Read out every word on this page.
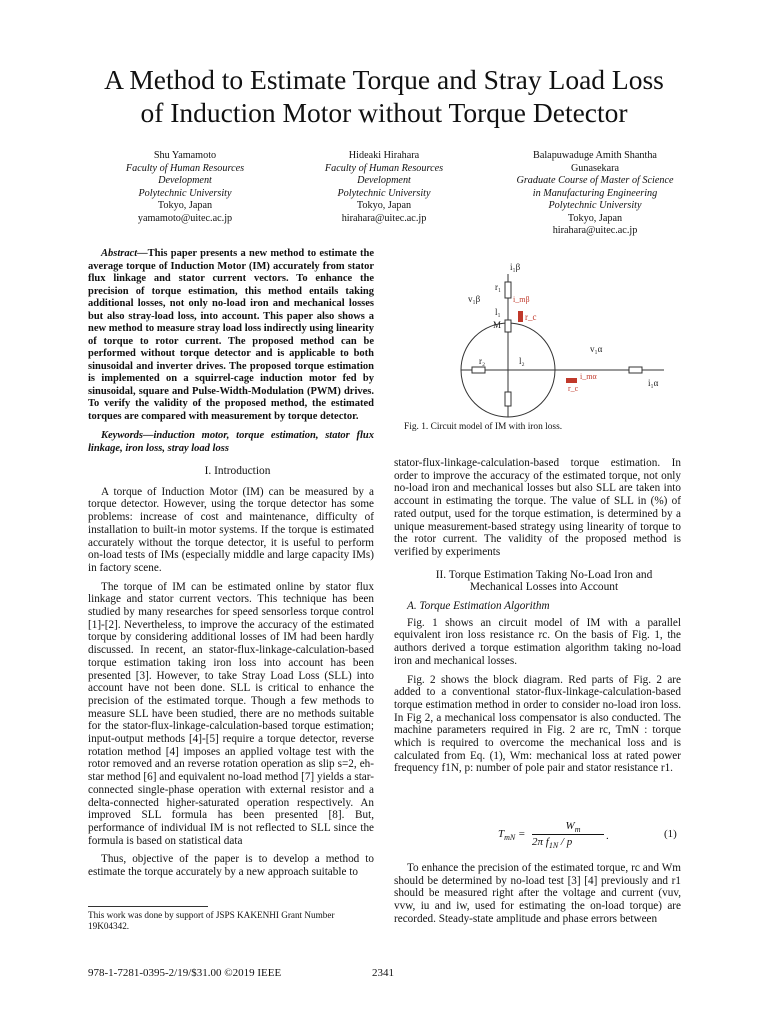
A Method to Estimate Torque and Stray Load Loss
of Induction Motor without Torque Detector
Shu Yamamoto
Faculty of Human Resources
Development
Polytechnic University
Tokyo, Japan
yamamoto@uitec.ac.jp
Hideaki Hirahara
Faculty of Human Resources
Development
Polytechnic University
Tokyo, Japan
hirahara@uitec.ac.jp
Balapuwaduge Amith Shantha
Gunasekara
Graduate Course of Master of Science
in Manufacturing Engineering
Polytechnic University
Tokyo, Japan
hirahara@uitec.ac.jp

Abstract—This paper presents a new method to estimate the average torque of Induction Motor (IM) accurately from stator flux linkage and stator current vectors. To enhance the precision of torque estimation, this method entails taking additional losses, not only no-load iron and mechanical losses but also stray-load loss, into account. This paper also shows a new method to measure stray load loss indirectly using linearity of torque to rotor current. The proposed method can be performed without torque detector and is applicable to both sinusoidal and inverter drives. The proposed torque estimation is implemented on a squirrel-cage induction motor fed by sinusoidal, square and Pulse-Width-Modulation (PWM) drives. To verify the validity of the proposed method, the estimated torques are compared with measurement by torque detector.

Keywords—induction motor, torque estimation, stator flux linkage, iron loss, stray load loss

I. Introduction

A torque of Induction Motor (IM) can be measured by a torque detector. However, using the torque detector has some problems: increase of cost and maintenance, difficulty of installation to built-in motor systems. If the torque is estimated accurately without the torque detector, it is useful to perform on-load tests of IMs (especially middle and large capacity IMs) in factory scene.

The torque of IM can be estimated online by stator flux linkage and stator current vectors. This technique has been studied by many researches for speed sensorless torque control [1]-[2]. Nevertheless, to improve the accuracy of the estimated torque by considering additional losses of IM had been hardly discussed. In recent, an stator-flux-linkage-calculation-based torque estimation taking iron loss into account has been presented [3]. However, to take Stray Load Loss (SLL) into account have not been done. SLL is critical to enhance the precision of the estimated torque. Though a few methods to measure SLL have been studied, there are no methods suitable for the stator-flux-linkage-calculation-based torque estimation; input-output methods [4]-[5] require a torque detector, reverse rotation method [4] imposes an applied voltage test with the rotor removed and an reverse rotation operation as slip s=2, eh-star method [6] and equivalent no-load method [7] yields a star-connected single-phase operation with external resistor and a delta-connected higher-saturated operation respectively. An improved SLL formula has been presented [8]. But, performance of individual IM is not reflected to SLL since the formula is based on statistical data

Thus, objective of the paper is to develop a method to estimate the torque accurately by a new approach suitable to

This work was done by support of JSPS KAKENHI Grant Number 19K04342.
i₁β
r₁
i_mβ
v₁β
l₁	r_c
M
v₁α
r₂	l₂
r_c
i_mα
i₁α
Fig. 1. Circuit model of IM with iron loss.

stator-flux-linkage-calculation-based torque estimation. In order to improve the accuracy of the estimated torque, not only no-load iron and mechanical losses but also SLL are taken into account in estimating the torque. The value of SLL in (%) of rated output, used for the torque estimation, is determined by a unique measurement-based strategy using linearity of torque to the rotor current. The validity of the proposed method is verified by experiments

II. Torque Estimation Taking No-Load Iron and

Mechanical Losses into Account

A. Torque Estimation Algorithm

Fig. 1 shows an circuit model of IM with a parallel equivalent iron loss resistance rc. On the basis of Fig. 1, the authors derived a torque estimation algorithm taking no-load iron and mechanical losses.

Fig. 2 shows the block diagram. Red parts of Fig. 2 are added to a conventional stator-flux-linkage-calculation-based torque estimation method in order to consider no-load iron loss. In Fig 2, a mechanical loss compensator is also conducted. The machine parameters required in Fig. 2 are rc, TmN : torque which is required to overcome the mechanical loss and is calculated from Eq. (1), Wm: mechanical loss at rated power frequency f1N, p: number of pole pair and stator resistance r1.

$T_{mN}$ =
$W_m$
2π $f_{1N}$ / p	.	(1)

To enhance the precision of the estimated torque, rc and Wm should be determined by no-load test [3] [4] previously and r1 should be measured right after the voltage and current (vuv, vvw, iu and iw, used for estimating the on-load torque) are recorded. Steady-state amplitude and phase errors between

978-1-7281-0395-2/19/$31.00 ©2019 IEEE	2341
